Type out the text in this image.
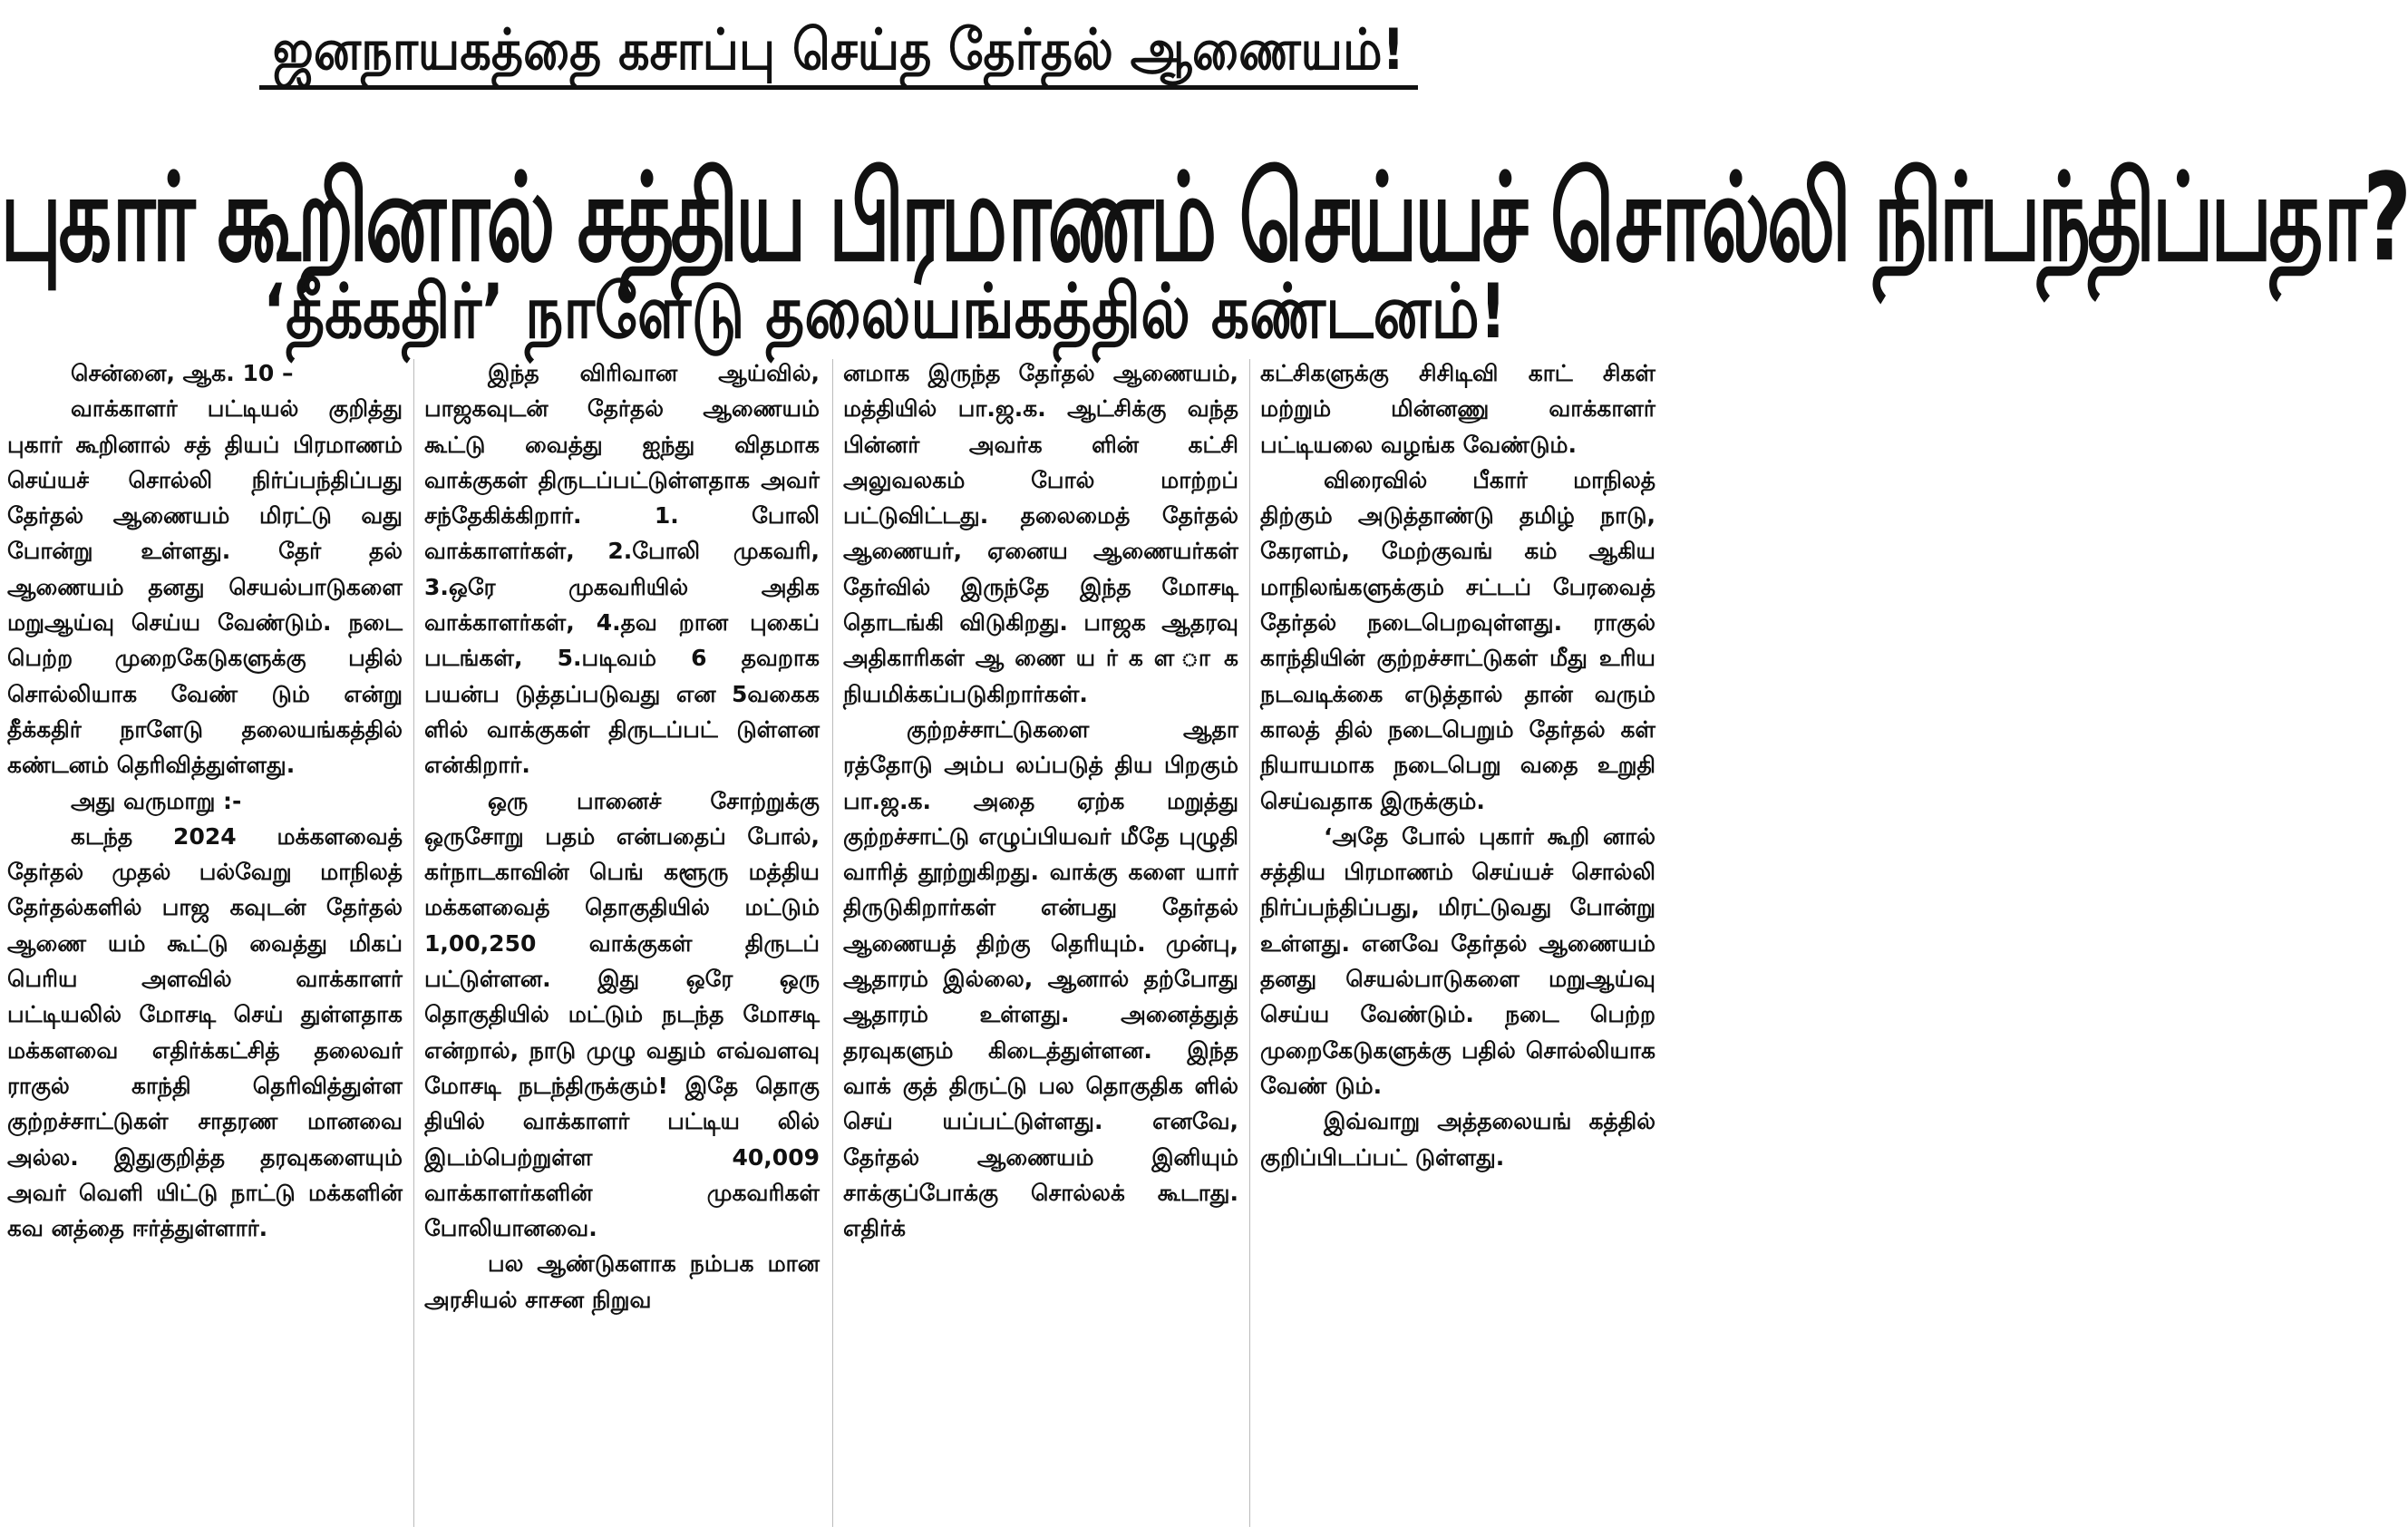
ஜனநாயகத்தை கசாப்பு செய்த தேர்தல் ஆணையம்!
புகார் கூறினால் சத்திய பிரமாணம் செய்யச் சொல்லி நிர்பந்திப்பதா?
‘தீக்கதிர்’ நாளேடு தலையங்கத்தில் கண்டனம்!

சென்னை, ஆக. 10 –

வாக்காளர் பட்டியல் குறித்து புகார் கூறினால் சத் தியப் பிரமாணம் செய்யச் சொல்லி நிர்ப்பந்திப்பது தேர்தல் ஆணையம் மிரட்டு வது போன்று உள்ளது. தேர் தல் ஆணையம் தனது செயல்பாடுகளை மறுஆய்வு செய்ய வேண்டும். நடை பெற்ற முறைகேடுகளுக்கு பதில் சொல்லியாக வேண் டும் என்று தீக்கதிர் நாளேடு தலையங்கத்தில் கண்டனம் தெரிவித்துள்ளது.

அது வருமாறு :-

கடந்த 2024 மக்களவைத் தேர்தல் முதல் பல்வேறு மாநிலத் தேர்தல்களில் பாஜ கவுடன் தேர்தல் ஆணை யம் கூட்டு வைத்து மிகப் பெரிய அளவில் வாக்காளர் பட்டியலில் மோசடி செய் துள்ளதாக மக்களவை எதிர்க்கட்சித் தலைவர் ராகுல் காந்தி தெரிவித்துள்ள குற்றச்சாட்டுகள் சாதரண மானவை அல்ல. இதுகுறித்த தரவுகளையும் அவர் வெளி யிட்டு நாட்டு மக்களின் கவ னத்தை ஈர்த்துள்ளார்.

இந்த விரிவான ஆய்வில், பாஜகவுடன் தேர்தல் ஆணையம் கூட்டு வைத்து ஐந்து விதமாக வாக்குகள் திருடப்பட்டுள்ளதாக அவர் சந்தேகிக்கிறார். 1. போலி வாக்காளர்கள், 2.போலி முகவரி, 3.ஒரே முகவரியில் அதிக வாக்காளர்கள், 4.தவ றான புகைப் படங்கள், 5.படிவம் 6 தவறாக பயன்ப டுத்தப்படுவது என 5வகைக ளில் வாக்குகள் திருடப்பட் டுள்ளன என்கிறார்.

ஒரு பானைச் சோற்றுக்கு ஒருசோறு பதம் என்பதைப் போல், கர்நாடகாவின் பெங் களூரு மத்திய மக்களவைத் தொகுதியில் மட்டும் 1,00,250 வாக்குகள் திருடப் பட்டுள்ளன. இது ஒரே ஒரு தொகுதியில் மட்டும் நடந்த மோசடி என்றால், நாடு முழு வதும் எவ்வளவு மோசடி நடந்திருக்கும்! இதே தொகு தியில் வாக்காளர் பட்டிய லில் இடம்பெற்றுள்ள 40,009 வாக்காளர்களின் முகவரிகள் போலியானவை.

பல ஆண்டுகளாக நம்பக மான அரசியல் சாசன நிறுவ

னமாக இருந்த தேர்தல் ஆணையம், மத்தியில் பா.ஜ.க. ஆட்சிக்கு வந்த பின்னர் அவர்க ளின் கட்சி அலுவலகம் போல் மாற்றப் பட்டுவிட்டது. தலைமைத் தேர்தல் ஆணையர், ஏனைய ஆணையர்கள் தேர்வில் இருந்தே இந்த மோசடி தொடங்கி விடுகிறது. பாஜக ஆதரவு அதிகாரிகள் ஆ ணை ய ர் க ள ா க நியமிக்கப்படுகிறார்கள்.

குற்றச்சாட்டுகளை ஆதா ரத்தோடு அம்ப லப்படுத் திய பிறகும் பா.ஜ.க. அதை ஏற்க மறுத்து குற்றச்சாட்டு எழுப்பியவர் மீதே புழுதி வாரித் தூற்றுகிறது. வாக்கு களை யார் திருடுகிறார்கள் என்பது தேர்தல் ஆணையத் திற்கு தெரியும். முன்பு, ஆதாரம் இல்லை, ஆனால் தற்போது ஆதாரம் உள்ளது. அனைத்துத் தரவுகளும் கிடைத்துள்ளன. இந்த வாக் குத் திருட்டு பல தொகுதிக ளில் செய் யப்பட்டுள்ளது. எனவே, தேர்தல் ஆணையம் இனியும் சாக்குப்போக்கு சொல்லக் கூடாது. எதிர்க்

கட்சிகளுக்கு சிசிடிவி காட் சிகள் மற்றும் மின்னணு வாக்காளர் பட்டியலை வழங்க வேண்டும்.

விரைவில் பீகார் மாநிலத் திற்கும் அடுத்தாண்டு தமிழ் நாடு, கேரளம், மேற்குவங் கம் ஆகிய மாநிலங்களுக்கும் சட்டப் பேரவைத் தேர்தல் நடைபெறவுள்ளது. ராகுல் காந்தியின் குற்றச்சாட்டுகள் மீது உரிய நடவடிக்கை எடுத்தால் தான் வரும் காலத் தில் நடைபெறும் தேர்தல் கள் நியாயமாக நடைபெறு வதை உறுதி செய்வதாக இருக்கும்.

‘அதே போல் புகார் கூறி னால் சத்திய பிரமாணம் செய்யச் சொல்லி நிர்ப்பந்திப்பது, மிரட்டுவது போன்று உள்ளது. எனவே தேர்தல் ஆணையம் தனது செயல்பாடுகளை மறுஆய்வு செய்ய வேண்டும். நடை பெற்ற முறைகேடுகளுக்கு பதில் சொல்லியாக வேண் டும்.

இவ்வாறு அத்தலையங் கத்தில் குறிப்பிடப்பட் டுள்ளது.
